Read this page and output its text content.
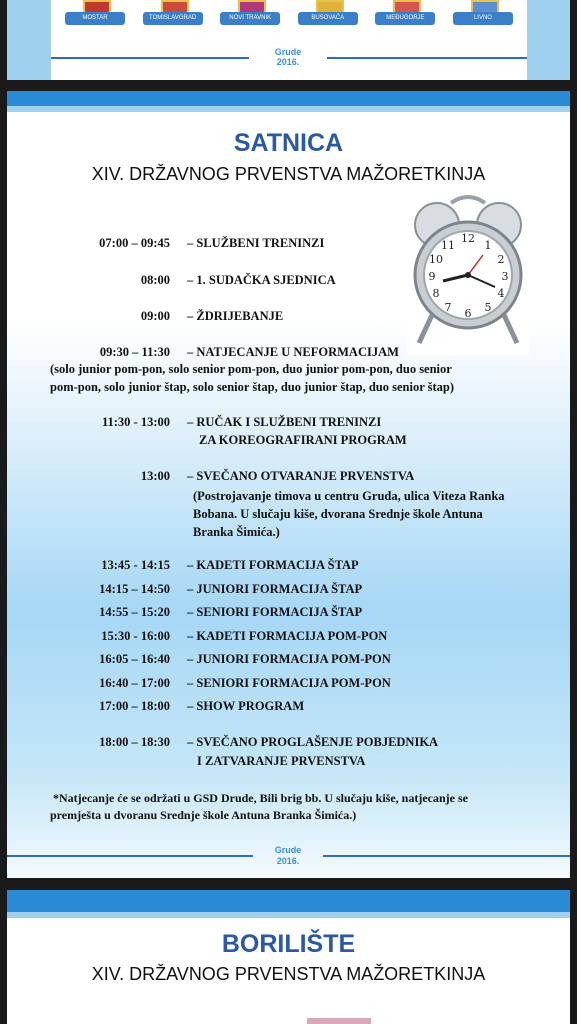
MOSTAR	TOMISLAVGRAD	NOVI TRAVNIK	BUSOVAČA	MEĐUGORJE	LIVNO
Grude
2016.
SATNICA
XIV. DRŽAVNOG PRVENSTVA MAŽORETKINJA
12
6
9	3
1
2
4
5
7
8
10
11
07:00 – 09:45 – SLUŽBENI TRENINZI
08:00 – 1. SUDAČKA SJEDNICA
09:00 – ŽDRIJEBANJE
09:30 – 11:30 – NATJECANJE U NEFORMACIJAM
(solo junior pom-pon, solo senior pom-pon, duo junior pom-pon, duo senior
pom-pon, solo junior štap, solo senior štap, duo junior štap, duo senior štap)
11:30 - 13:00 – RUČAK I SLUŽBENI TRENINZI
ZA KOREOGRAFIRANI PROGRAM
13:00 – SVEČANO OTVARANJE PRVENSTVA
(Postrojavanje timova u centru Gruda, ulica Viteza Ranka
Bobana. U slučaju kiše, dvorana Srednje škole Antuna
Branka Šimića.)
13:45 - 14:15 – KADETI FORMACIJA ŠTAP
14:15 – 14:50 – JUNIORI FORMACIJA ŠTAP
14:55 – 15:20 – SENIORI FORMACIJA ŠTAP
15:30 - 16:00 – KADETI FORMACIJA POM-PON
16:05 – 16:40 – JUNIORI FORMACIJA POM-PON
16:40 – 17:00 – SENIORI FORMACIJA POM-PON
17:00 – 18:00 – SHOW PROGRAM
18:00 – 18:30 – SVEČANO PROGLAŠENJE POBJEDNIKA
I ZATVARANJE PRVENSTVA
*Natjecanje će se održati u GSD Drude, Bili brig bb. U slučaju kiše, natjecanje se
premješta u dvoranu Srednje škole Antuna Branka Šimića.)
Grude
2016.
BORILIŠTE
XIV. DRŽAVNOG PRVENSTVA MAŽORETKINJA
